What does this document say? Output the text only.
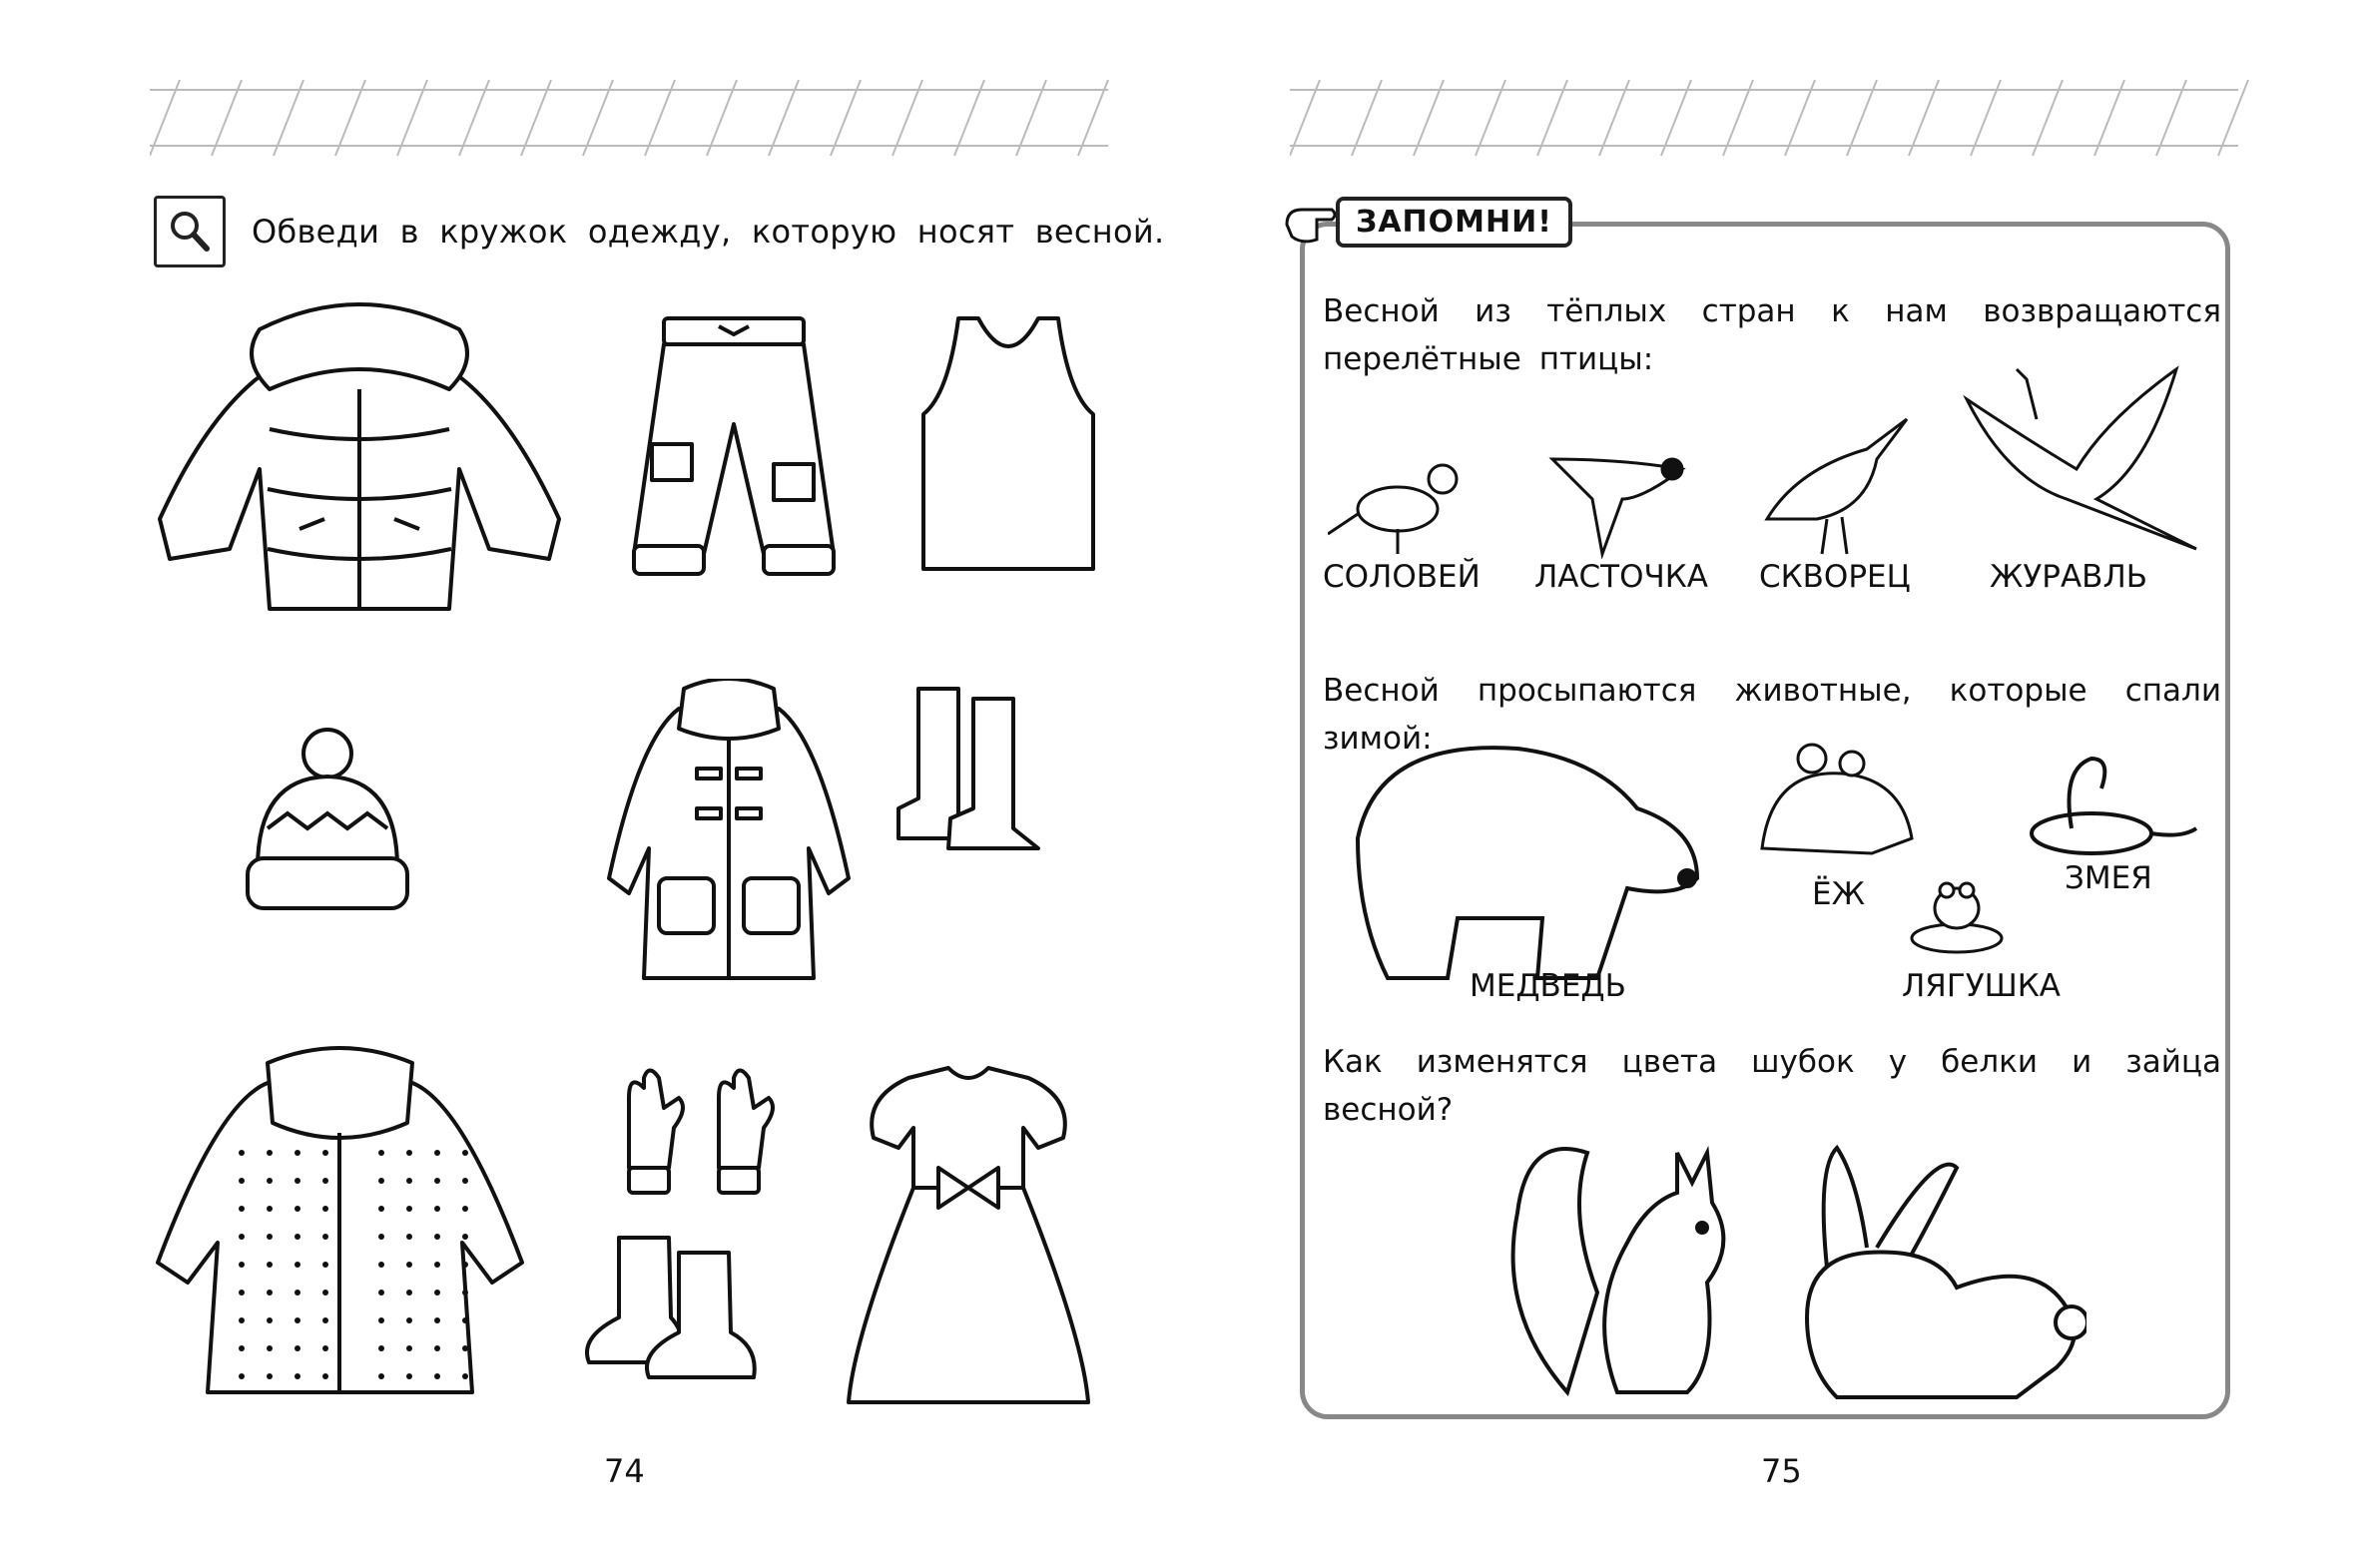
Обведи в кружок одежду, которую носят весной.
74
ЗАПОМНИ!
Весной из тёплых стран к нам возвращаются перелётные птицы:
СОЛОВЕЙ ЛАСТОЧКА СКВОРЕЦ	ЖУРАВЛЬ
Весной просыпаются животные, которые спали зимой:
МЕДВЕДЬ
ЁЖ	ЗМЕЯ
ЛЯГУШКА
Как изменятся цвета шубок у белки и зайца весной?
75
